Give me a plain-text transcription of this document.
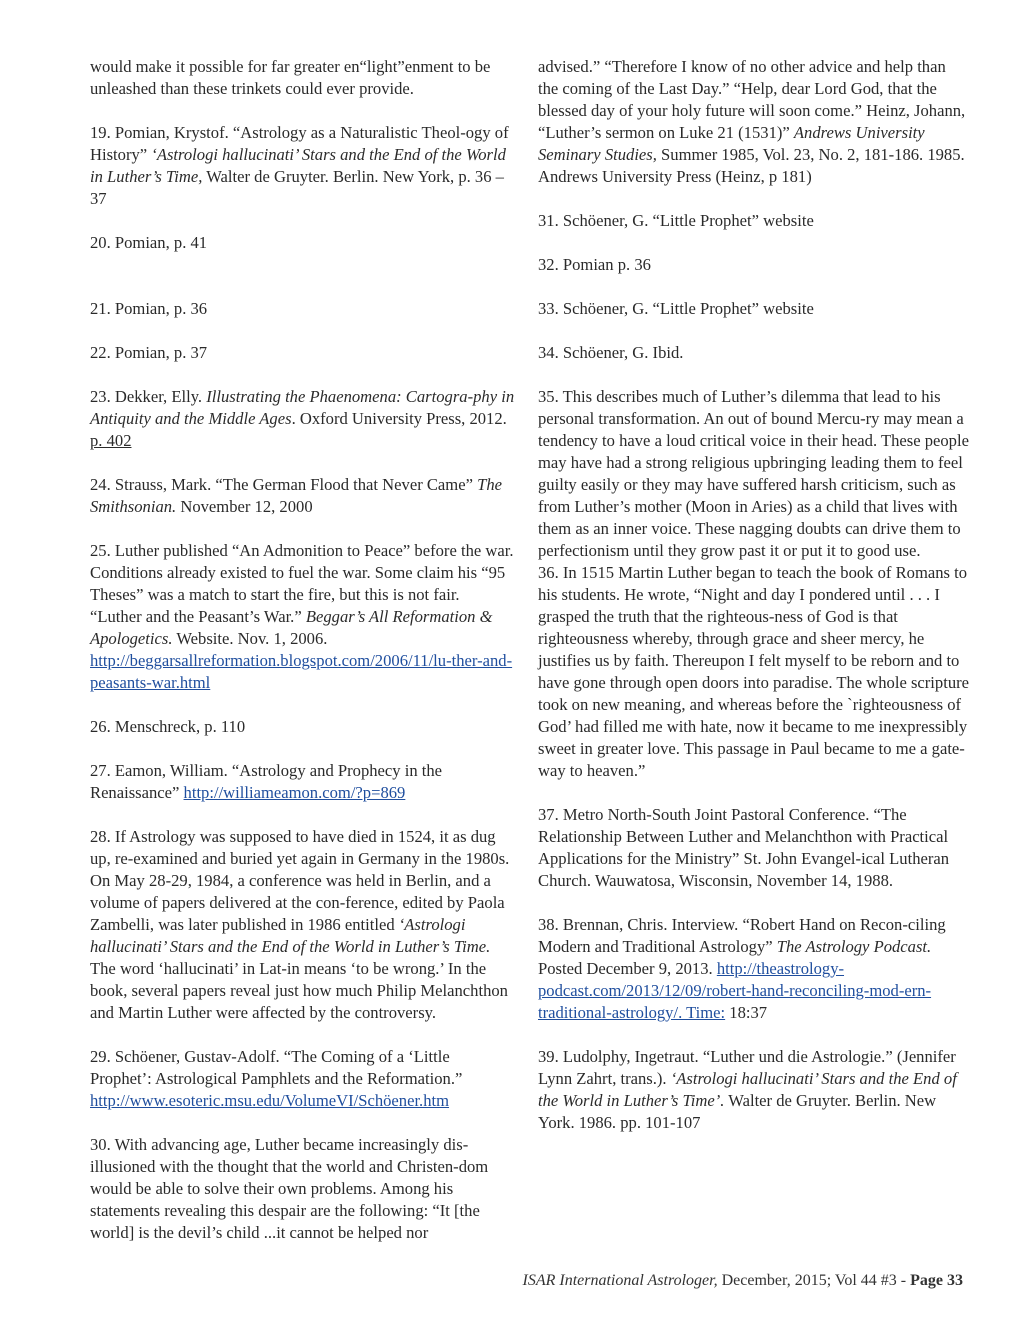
would make it possible for far greater en“light”enment to be unleashed than these trinkets could ever provide.

19. Pomian, Krystof. “Astrology as a Naturalistic Theol-ogy of History” ‘Astrologi hallucinati’ Stars and the End of the World in Luther’s Time, Walter de Gruyter. Berlin. New York, p. 36 – 37

20. Pomian, p. 41

21. Pomian, p. 36

22. Pomian, p. 37

23. Dekker, Elly. Illustrating the Phaenomena: Cartogra-phy in Antiquity and the Middle Ages. Oxford University Press, 2012. p. 402

24. Strauss, Mark. “The German Flood that Never Came” The Smithsonian. November 12, 2000

25. Luther published “An Admonition to Peace” before the war. Conditions already existed to fuel the war. Some claim his “95 Theses” was a match to start the fire, but this is not fair. “Luther and the Peasant’s War.” Beggar’s All Reformation & Apologetics. Website. Nov. 1, 2006. http://beggarsallreformation.blogspot.com/2006/11/lu-ther-and-peasants-war.html

26. Menschreck, p. 110

27. Eamon, William. “Astrology and Prophecy in the Renaissance” http://williameamon.com/?p=869

28. If Astrology was supposed to have died in 1524, it as dug up, re-examined and buried yet again in Germany in the 1980s. On May 28-29, 1984, a conference was held in Berlin, and a volume of papers delivered at the con-ference, edited by Paola Zambelli, was later published in 1986 entitled ‘Astrologi hallucinati’ Stars and the End of the World in Luther’s Time. The word ‘hallucinati’ in Lat-in means ‘to be wrong.’ In the book, several papers reveal just how much Philip Melanchthon and Martin Luther were affected by the controversy.

29. Schöener, Gustav-Adolf. “The Coming of a ‘Little Prophet’: Astrological Pamphlets and the Reformation.” http://www.esoteric.msu.edu/VolumeVI/Schöener.htm

30. With advancing age, Luther became increasingly dis-illusioned with the thought that the world and Christen-dom would be able to solve their own problems. Among his statements revealing this despair are the following: “It [the world] is the devil’s child ...it cannot be helped nor

advised.” “Therefore I know of no other advice and help than the coming of the Last Day.” “Help, dear Lord God, that the blessed day of your holy future will soon come.” Heinz, Johann, “Luther’s sermon on Luke 21 (1531)” Andrews University Seminary Studies, Summer 1985, Vol. 23, No. 2, 181-186. 1985. Andrews University Press (Heinz, p 181)

31. Schöener, G. “Little Prophet” website

32. Pomian p. 36

33. Schöener, G. “Little Prophet” website

34. Schöener, G. Ibid.

35. This describes much of Luther’s dilemma that lead to his personal transformation. An out of bound Mercu-ry may mean a tendency to have a loud critical voice in their head. These people may have had a strong religious upbringing leading them to feel guilty easily or they may have suffered harsh criticism, such as from Luther’s mother (Moon in Aries) as a child that lives with them as an inner voice. These nagging doubts can drive them to perfectionism until they grow past it or put it to good use.

36. In 1515 Martin Luther began to teach the book of Romans to his students. He wrote, “Night and day I pondered until . . . I grasped the truth that the righteous-ness of God is that righteousness whereby, through grace and sheer mercy, he justifies us by faith. Thereupon I felt myself to be reborn and to have gone through open doors into paradise. The whole scripture took on new meaning, and whereas before the `righteousness of God’ had filled me with hate, now it became to me inexpressibly sweet in greater love. This passage in Paul became to me a gate-way to heaven.”

37. Metro North-South Joint Pastoral Conference. “The Relationship Between Luther and Melanchthon with Practical Applications for the Ministry” St. John Evangel-ical Lutheran Church. Wauwatosa, Wisconsin, November 14, 1988.

38. Brennan, Chris. Interview. “Robert Hand on Recon-ciling Modern and Traditional Astrology” The Astrology Podcast. Posted December 9, 2013. http://theastrology-podcast.com/2013/12/09/robert-hand-reconciling-mod-ern-traditional-astrology/. Time: 18:37

39. Ludolphy, Ingetraut. “Luther und die Astrologie.” (Jennifer Lynn Zahrt, trans.). ‘Astrologi hallucinati’ Stars and the End of the World in Luther’s Time’. Walter de Gruyter. Berlin. New York. 1986. pp. 101-107

ISAR International Astrologer, December, 2015; Vol 44 #3 - Page 33
